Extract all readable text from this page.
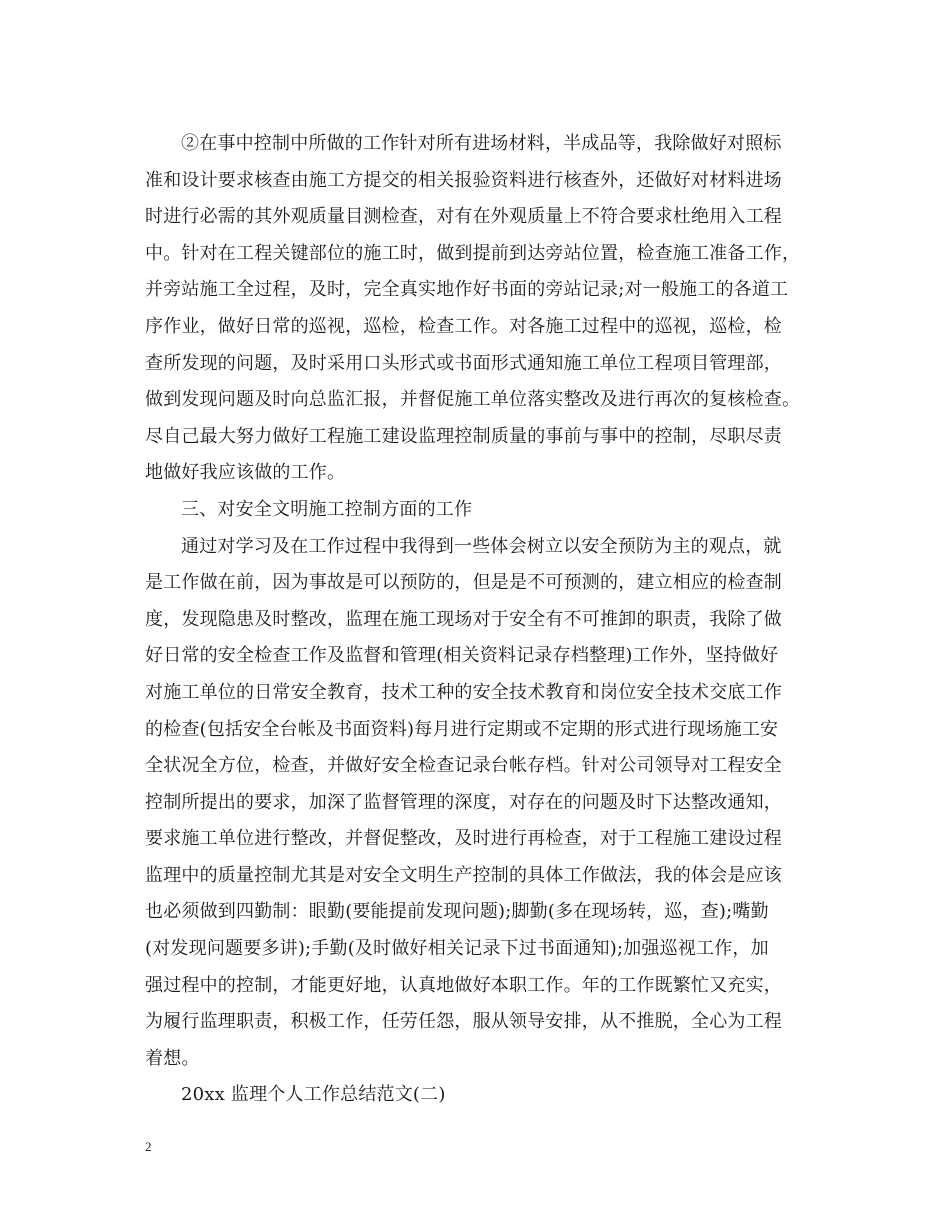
②在事中控制中所做的工作针对所有进场材料，半成品等，我除做好对照标
准和设计要求核查由施工方提交的相关报验资料进行核查外，还做好对材料进场
时进行必需的其外观质量目测检查，对有在外观质量上不符合要求杜绝用入工程
中。针对在工程关键部位的施工时，做到提前到达旁站位置，检查施工准备工作，
并旁站施工全过程，及时，完全真实地作好书面的旁站记录;对一般施工的各道工
序作业，做好日常的巡视，巡检，检查工作。对各施工过程中的巡视，巡检，检
查所发现的问题，及时采用口头形式或书面形式通知施工单位工程项目管理部，
做到发现问题及时向总监汇报，并督促施工单位落实整改及进行再次的复核检查。
尽自己最大努力做好工程施工建设监理控制质量的事前与事中的控制，尽职尽责
地做好我应该做的工作。
三、对安全文明施工控制方面的工作
通过对学习及在工作过程中我得到一些体会树立以安全预防为主的观点，就
是工作做在前，因为事故是可以预防的，但是是不可预测的，建立相应的检查制
度，发现隐患及时整改，监理在施工现场对于安全有不可推卸的职责，我除了做
好日常的安全检查工作及监督和管理(相关资料记录存档整理)工作外，坚持做好
对施工单位的日常安全教育，技术工种的安全技术教育和岗位安全技术交底工作
的检查(包括安全台帐及书面资料)每月进行定期或不定期的形式进行现场施工安
全状况全方位，检查，并做好安全检查记录台帐存档。针对公司领导对工程安全
控制所提出的要求，加深了监督管理的深度，对存在的问题及时下达整改通知，
要求施工单位进行整改，并督促整改，及时进行再检查，对于工程施工建设过程
监理中的质量控制尤其是对安全文明生产控制的具体工作做法，我的体会是应该
也必须做到四勤制：眼勤(要能提前发现问题);脚勤(多在现场转，巡，查);嘴勤
(对发现问题要多讲);手勤(及时做好相关记录下过书面通知);加强巡视工作，加
强过程中的控制，才能更好地，认真地做好本职工作。年的工作既繁忙又充实，
为履行监理职责，积极工作，任劳任怨，服从领导安排，从不推脱，全心为工程
着想。
20xx 监理个人工作总结范文(二)
2
